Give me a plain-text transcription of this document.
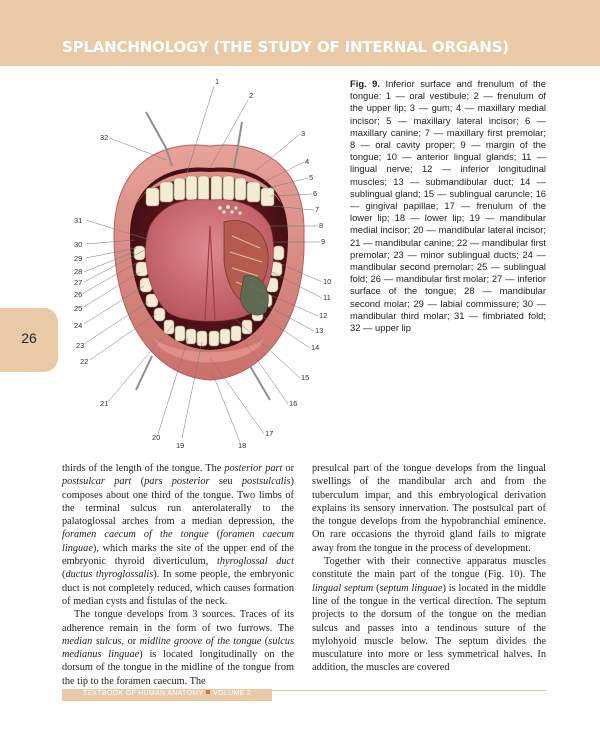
SPLANCHNOLOGY (THE STUDY OF INTERNAL ORGANS)
26
1
2
3
4
5
6
7
8
9
10
11
12
13
14
15
16
17
18
19
20
21
22
23
24
25
26
27
28
29
30
31
32
Fig. 9. Inferior surface and frenulum of the tongue: 1 — oral vestibule; 2 — frenulum of the upper lip; 3 — gum; 4 — maxillary medial incisor; 5 — maxillary lateral incisor; 6 — maxillary canine; 7 — maxillary first premolar; 8 — oral cavity proper; 9 — margin of the tongue; 10 — anterior lingual glands; 11 — lingual nerve; 12 — inferior longitudinal muscles; 13 — submandibular duct; 14 — sublingual gland; 15 — sublingual caruncle; 16 — gingival papillae; 17 — frenulum of the lower lip; 18 — lower lip; 19 — mandibular medial incisor; 20 — mandibular lateral incisor; 21 — mandibular canine; 22 — mandibular first premolar; 23 — minor sublingual ducts; 24 — mandibular second premolar; 25 — sublingual fold; 26 — mandibular first molar; 27 — inferior surface of the tongue; 28 — mandibular second molar; 29 — labial commissure; 30 — mandibular third molar; 31 — fimbriated fold; 32 — upper lip

thirds of the length of the tongue. The posterior part or postsulcar part (pars posterior seu postsulcalis) composes about one third of the tongue. Two limbs of the terminal sulcus run anterolaterally to the palatoglossal arches from a median depression, the foramen caecum of the tongue (foramen caecum linguae), which marks the site of the upper end of the embryonic thyroid diverticulum, thyroglossal duct (ductus thyroglossalis). In some people, the embryonic duct is not completely reduced, which causes formation of median cysts and fistulas of the neck.

The tongue develops from 3 sources. Traces of its adherence remain in the form of two furrows. The median sulcus, or midline groove of the tongue (sulcus medianus linguae) is located longitudinally on the dorsum of the tongue in the midline of the tongue from the tip to the foramen caecum. The

presulcal part of the tongue develops from the lingual swellings of the mandibular arch and from the tuberculum impar, and this embryological derivation explains its sensory innervation. The postsulcal part of the tongue develops from the hypobranchial eminence. On rare occasions the thyroid gland fails to migrate away from the tongue in the process of development.

Together with their connective apparatus muscles constitute the main part of the tongue (Fig. 10). The lingual septum (septum linguae) is located in the middle line of the tongue in the vertical direction. The septum projects to the dorsum of the tongue on the median sulcus and passes into a tendinous suture of the mylohyoid muscle below. The septum divides the musculature into more or less symmetrical halves. In addition, the muscles are covered

TEXTBOOK OF HUMAN ANATOMY VOLUME 2
